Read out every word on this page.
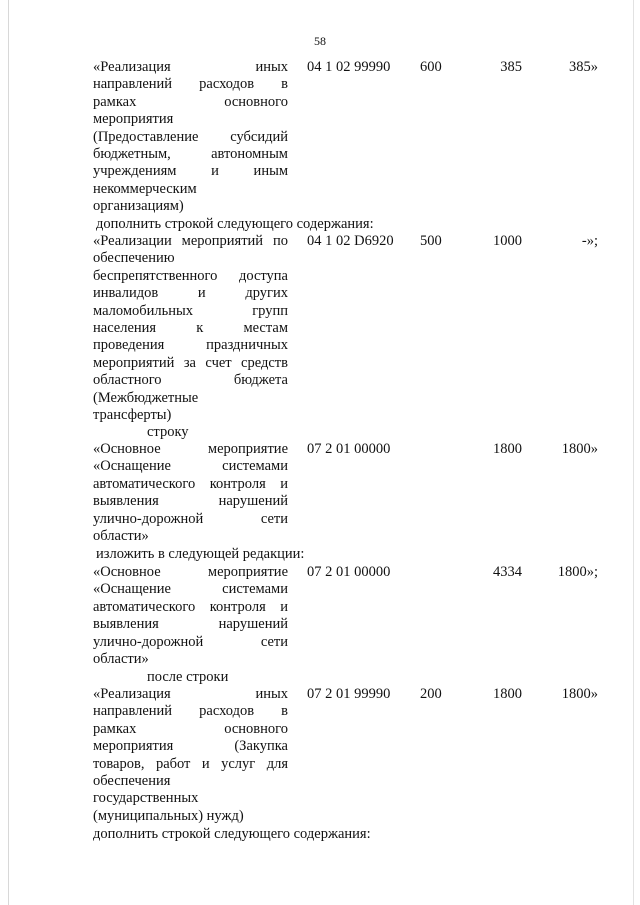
58
«Реализация иных
направлений расходов в
рамках основного
мероприятия
(Предоставление субсидий
бюджетным, автономным
учреждениям и иным
некоммерческим
организациям)
04 1 02 99990 600	385	385»
дополнить строкой следующего содержания:
«Реализации мероприятий по
обеспечению
беспрепятственного доступа
инвалидов и других
маломобильных групп
населения к местам
проведения праздничных
мероприятий за счет средств
областного бюджета
(Межбюджетные
трансферты)
04 1 02 D6920 500	1000	-»;
строку
«Основное мероприятие
«Оснащение системами
автоматического контроля и
выявления нарушений
улично-дорожной сети
области»
07 2 01 00000	1800	1800»
изложить в следующей редакции:
«Основное мероприятие
«Оснащение системами
автоматического контроля и
выявления нарушений
улично-дорожной сети
области»
07 2 01 00000	4334 1800»;
после строки
«Реализация иных
направлений расходов в
рамках основного
мероприятия (Закупка
товаров, работ и услуг для
обеспечения
государственных
(муниципальных) нужд)
07 2 01 99990 200	1800	1800»
дополнить строкой следующего содержания:
